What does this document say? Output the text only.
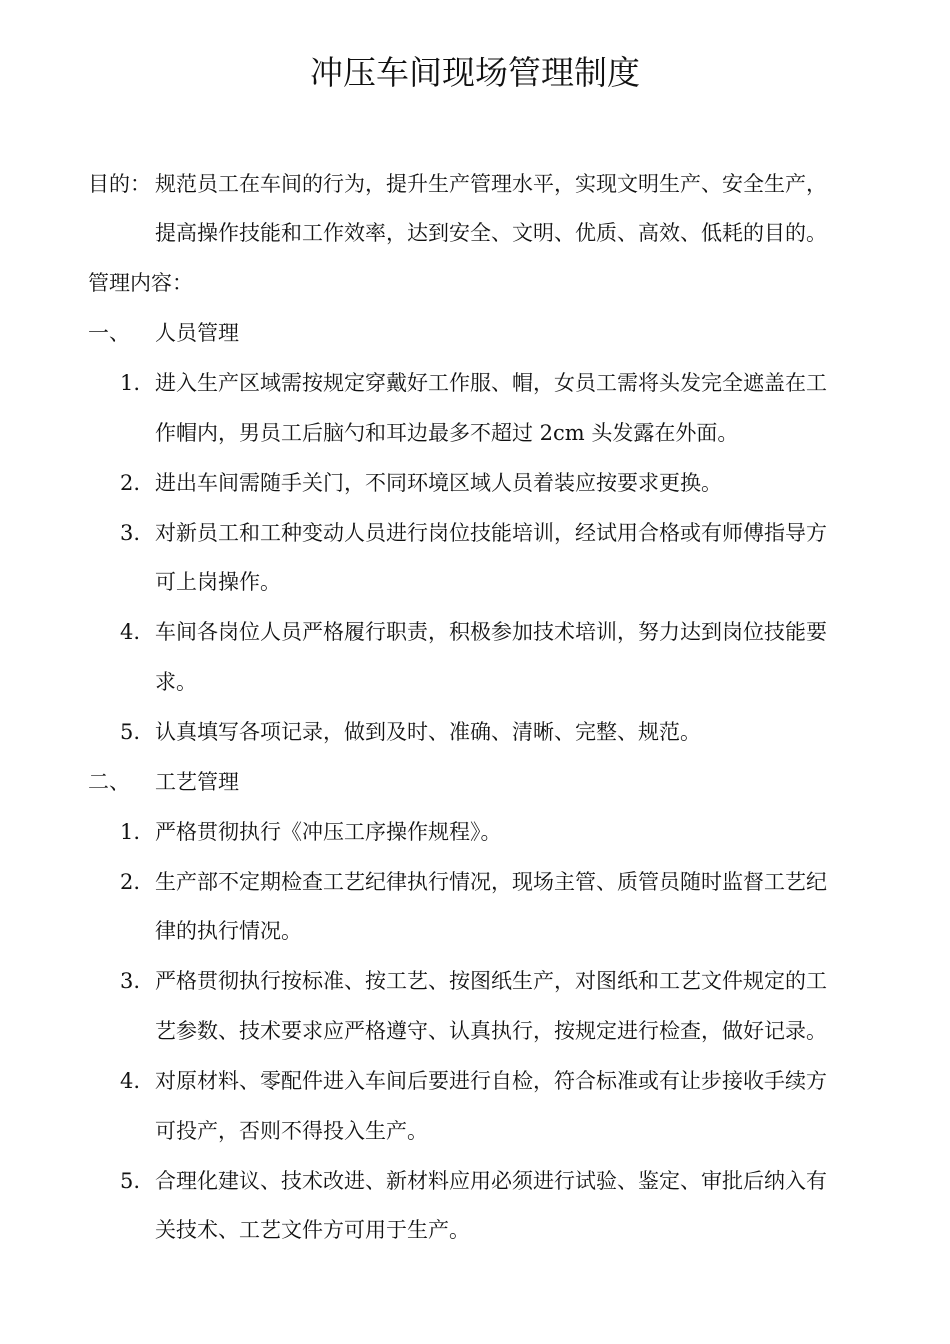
冲压车间现场管理制度
目的： 规范员工在车间的行为，提升生产管理水平，实现文明生产、安全生产，
提高操作技能和工作效率，达到安全、文明、优质、高效、低耗的目的。
管理内容：
一、 人员管理
1. 进入生产区域需按规定穿戴好工作服、帽，女员工需将头发完全遮盖在工
作帽内，男员工后脑勺和耳边最多不超过 2cm 头发露在外面。
2. 进出车间需随手关门，不同环境区域人员着装应按要求更换。
3. 对新员工和工种变动人员进行岗位技能培训，经试用合格或有师傅指导方
可上岗操作。
4. 车间各岗位人员严格履行职责，积极参加技术培训，努力达到岗位技能要
求。
5. 认真填写各项记录，做到及时、准确、清晰、完整、规范。
二、 工艺管理
1. 严格贯彻执行《冲压工序操作规程》。
2. 生产部不定期检查工艺纪律执行情况，现场主管、质管员随时监督工艺纪
律的执行情况。
3. 严格贯彻执行按标准、按工艺、按图纸生产，对图纸和工艺文件规定的工
艺参数、技术要求应严格遵守、认真执行，按规定进行检查，做好记录。
4. 对原材料、零配件进入车间后要进行自检，符合标准或有让步接收手续方
可投产，否则不得投入生产。
5. 合理化建议、技术改进、新材料应用必须进行试验、鉴定、审批后纳入有
关技术、工艺文件方可用于生产。
